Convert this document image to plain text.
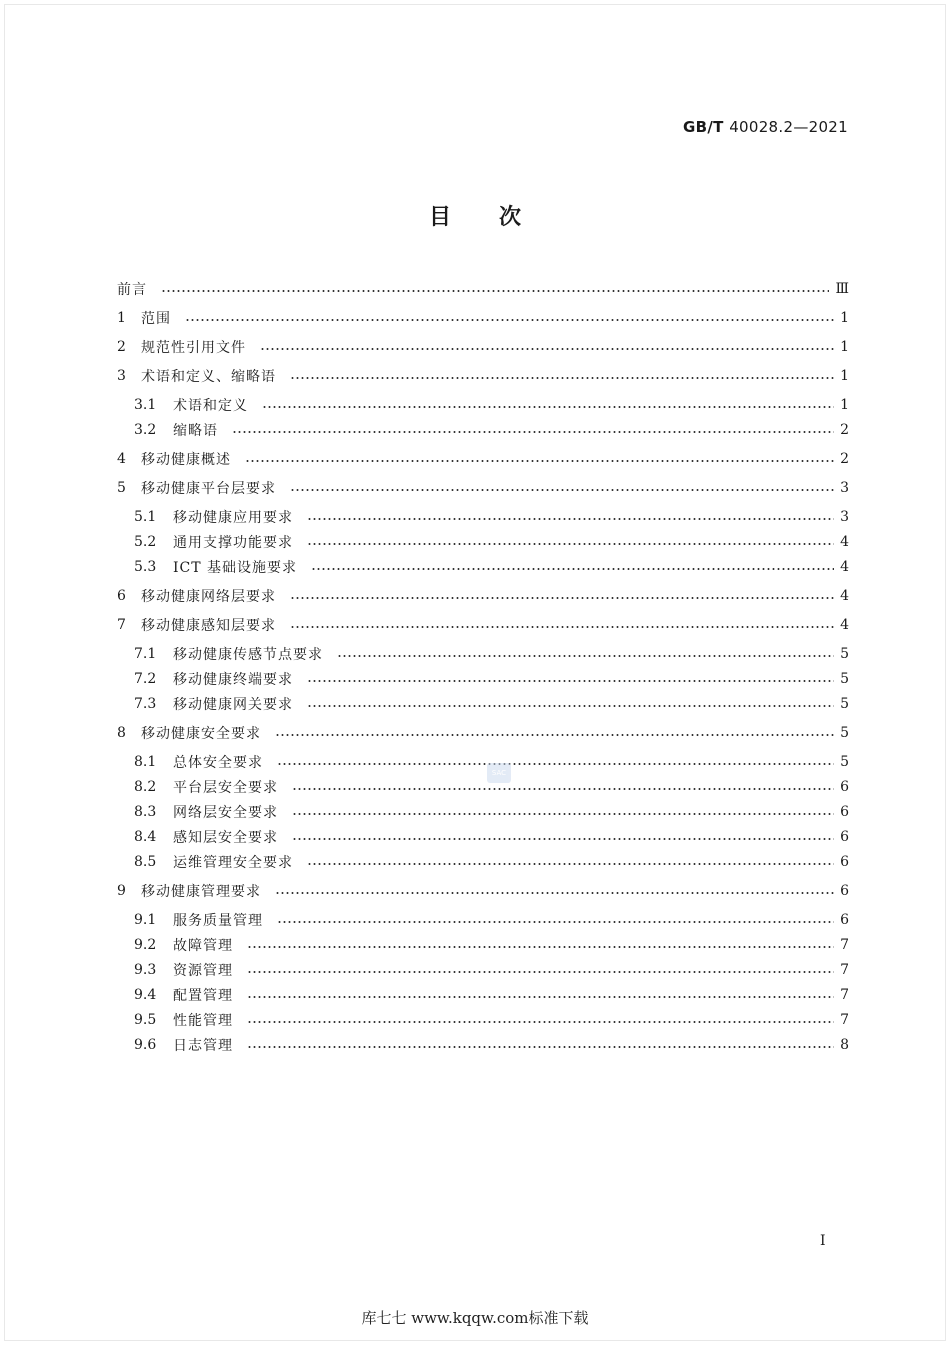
GB/T 40028.2—2021
目次
前言	Ⅲ
1	范围	1
2	规范性引用文件	1
3	术语和定义、缩略语	1
3.1	术语和定义	1
3.2	缩略语	2
4	移动健康概述	2
5	移动健康平台层要求	3
5.1	移动健康应用要求	3
5.2	通用支撑功能要求	4
5.3	ICT 基础设施要求	4
6	移动健康网络层要求	4
7	移动健康感知层要求	4
7.1	移动健康传感节点要求	5
7.2	移动健康终端要求	5
7.3	移动健康网关要求	5
8	移动健康安全要求	5
8.1	总体安全要求	5
8.2	平台层安全要求	6
8.3	网络层安全要求	6
8.4	感知层安全要求	6
8.5	运维管理安全要求	6
9	移动健康管理要求	6
9.1	服务质量管理	6
9.2	故障管理	7
9.3	资源管理	7
9.4	配置管理	7
9.5	性能管理	7
9.6	日志管理	8
SAC
Ⅰ
库七七 www.kqqw.com标准下载
